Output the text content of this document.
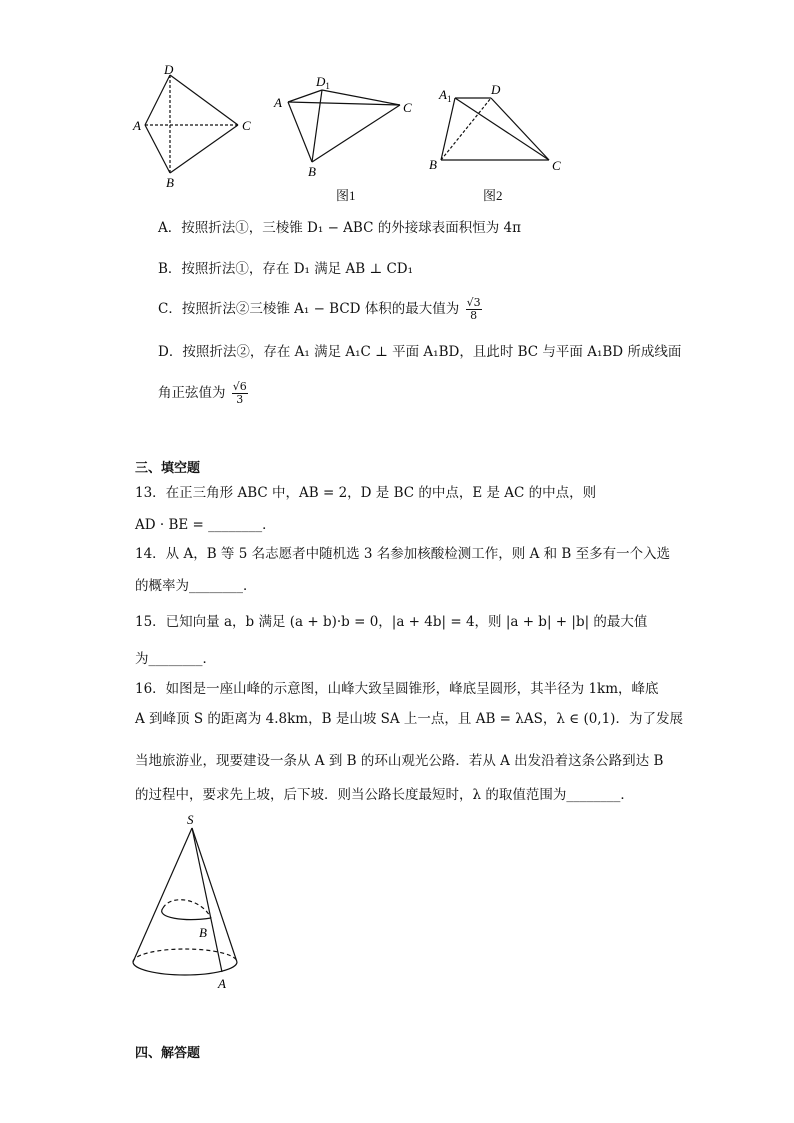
D
A
B
C
$D_1$
A	C
B
$A_1$
D
B	C
图1	图2
A．按照折法①，三棱锥 D₁ − ABC 的外接球表面积恒为 4π
B．按照折法①，存在 D₁ 满足 AB ⊥ CD₁
C．按照折法②三棱锥 A₁ − BCD 体积的最大值为 $\frac{√3}{8}$
D．按照折法②，存在 A₁ 满足 A₁C ⊥ 平面 A₁BD，且此时 BC 与平面 A₁BD 所成线面
角正弦值为 $\frac{√6}{3}$
三、填空题
13．在正三角形 ABC 中，AB = 2，D 是 BC 的中点，E 是 AC 的中点，则
AD · BE = ________．
14．从 A，B 等 5 名志愿者中随机选 3 名参加核酸检测工作，则 A 和 B 至多有一个入选
的概率为________．
15．已知向量 a，b 满足 (a + b)·b = 0，|a + 4b| = 4，则 |a + b| + |b| 的最大值
为________．
16．如图是一座山峰的示意图，山峰大致呈圆锥形，峰底呈圆形，其半径为 1km，峰底
A 到峰顶 S 的距离为 4.8km，B 是山坡 SA 上一点，且 AB = λAS，λ ∈ (0,1)．为了发展
当地旅游业，现要建设一条从 A 到 B 的环山观光公路．若从 A 出发沿着这条公路到达 B
的过程中，要求先上坡，后下坡．则当公路长度最短时，λ 的取值范围为________．
S
B
A
四、解答题
